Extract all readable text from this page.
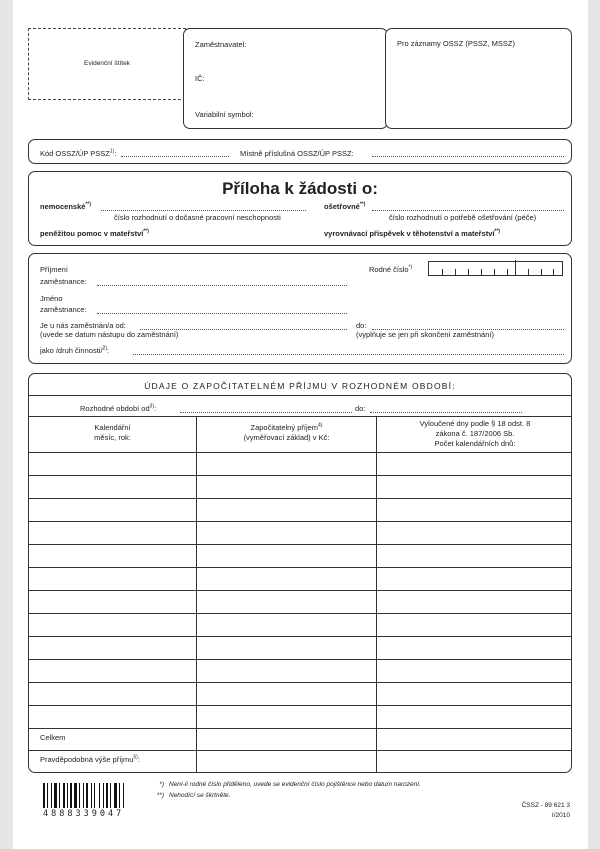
Evidenční štítek
Zaměstnavatel:
IČ:
Variabilní symbol:
Pro záznamy OSSZ (PSSZ, MSSZ)
Kód OSSZ/ÚP PSSZ$^{1)}$:	Místně příslušná OSSZ/ÚP PSSZ:
Příloha k žádosti o:
nemocenské**)
číslo rozhodnutí o dočasné pracovní neschopnosti
ošetřovné**)
číslo rozhodnutí o potřebě ošetřování (péče)
peněžitou pomoc v mateřství**)	vyrovnávací příspěvek v těhotenství a mateřství**)
Příjmení
zaměstnance:
Rodné číslo*)
Jméno
zaměstnance:
Je u nás zaměstnán/a od:
(uvede se datum nástupu do zaměstnání)
do:
(vyplňuje se jen při skončení zaměstnání)
jako /druh činnosti/$^{2)}$:
ÚDAJE O ZAPOČITATELNÉM PŘÍJMU V ROZHODNÉM OBDOBÍ:
Rozhodné období $od^{3)}$:	do:
Kalendářní
měsíc, rok:
Započitatelný příjem$^{4)}$
(vyměřovací základ) v Kč:
Vyloučené dny podle § 18 odst. 8
zákona č. 187/2006 Sb.
Počet kalendářních dnů:
Celkem
Pravděpodobná výše příjmu$^{5)}$:
*) Není-li rodné číslo přiděleno, uvede se evidenční číslo pojištěnce nebo datum narození.
**) Nehodící se škrtněte.
4888339047
ČSSZ - 89 621 3
I/2010
